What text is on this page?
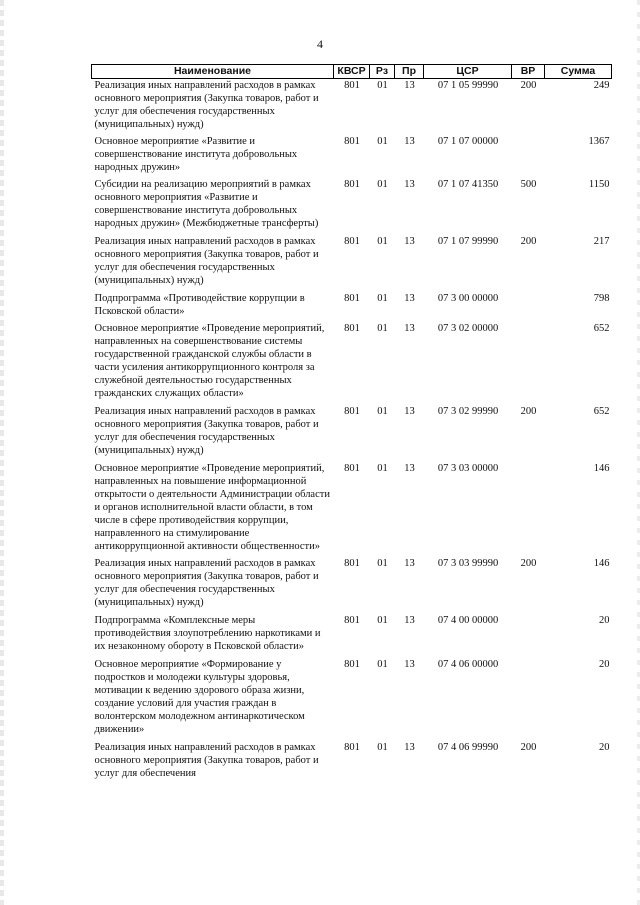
4
Наименование	КВСР	Рз	Пр	ЦСР	ВР	Сумма
Реализация иных направлений расходов в рамках основного мероприятия (Закупка товаров, работ и услуг для обеспечения государственных (муниципальных) нужд)	801	01	13	07 1 05 99990	200	249
Основное мероприятие «Развитие и совершенствование института добровольных народных дружин»	801	01	13	07 1 07 00000		1367
Субсидии на реализацию мероприятий в рамках основного мероприятия «Развитие и совершенствование института добровольных народных дружин» (Межбюджетные трансферты)	801	01	13	07 1 07 41350	500	1150
Реализация иных направлений расходов в рамках основного мероприятия (Закупка товаров, работ и услуг для обеспечения государственных (муниципальных) нужд)	801	01	13	07 1 07 99990	200	217
Подпрограмма «Противодействие коррупции в Псковской области»	801	01	13	07 3 00 00000		798
Основное мероприятие «Проведение мероприятий, направленных на совершенствование системы государственной гражданской службы области в части усиления антикоррупционного контроля за служебной деятельностью государственных гражданских служащих области»	801	01	13	07 3 02 00000		652
Реализация иных направлений расходов в рамках основного мероприятия (Закупка товаров, работ и услуг для обеспечения государственных (муниципальных) нужд)	801	01	13	07 3 02 99990	200	652
Основное мероприятие «Проведение мероприятий, направленных на повышение информационной открытости о деятельности Администрации области и органов исполнительной власти области, в том числе в сфере противодействия коррупции, направленного на стимулирование антикоррупционной активности общественности»	801	01	13	07 3 03 00000		146
Реализация иных направлений расходов в рамках основного мероприятия (Закупка товаров, работ и услуг для обеспечения государственных (муниципальных) нужд)	801	01	13	07 3 03 99990	200	146
Подпрограмма «Комплексные меры противодействия злоупотреблению наркотиками и их незаконному обороту в Псковской области»	801	01	13	07 4 00 00000		20
Основное мероприятие «Формирование у подростков и молодежи культуры здоровья, мотивации к ведению здорового образа жизни, создание условий для участия граждан в волонтерском молодежном антинаркотическом движении»	801	01	13	07 4 06 00000		20
Реализация иных направлений расходов в рамках основного мероприятия (Закупка товаров, работ и услуг для обеспечения	801	01	13	07 4 06 99990	200	20
